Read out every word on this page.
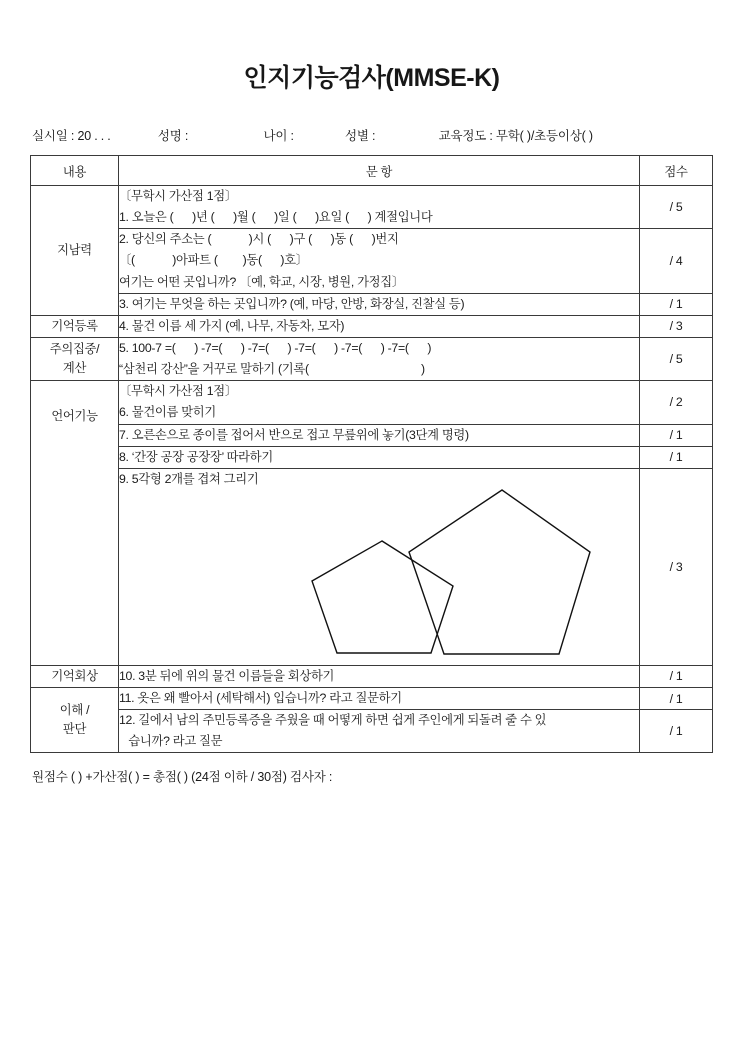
인지기능검사(MMSE-K)
실시일 : 20 . . .	성명 :	나이 :	성별 :	교육정도 : 무학( )/초등이상( )
내용	문 항	점수

지남력	〔무학시 가산점 1점〕
1. 오늘은 (      )년 (      )월 (      )일 (      )요일 (      ) 계절입니다	/ 5

	2. 당신의 주소는 (            )시 (      )구 (      )동 (      )번지
〔(            )아파트 (        )동(      )호〕
여기는 어떤 곳입니까? 〔예, 학교, 시장, 병원, 가정집〕	/ 4

	3. 여기는 무엇을 하는 곳입니까? (예, 마당, 안방, 화장실, 진찰실 등)	/ 1

기억등록	4. 물건 이름 세 가지 (예, 나무, 자동차, 모자)	/ 3

주의집중/
계산	5. 100-7 =(      ) -7=(      ) -7=(      ) -7=(      ) -7=(      ) -7=(      )
“삼천리 강산”을 거꾸로 말하기 (기록(                                    )	/ 5

언어기능	〔무학시 가산점 1점〕
6. 물건이름 맞히기	/ 2

	7. 오른손으로 종이를 접어서 반으로 접고 무릎위에 놓기(3단계 명령)	/ 1

	8. ‘간장 공장 공장장’ 따라하기	/ 1

	9. 5각형 2개를 겹쳐 그리기	/ 3

기억회상	10. 3분 뒤에 위의 물건 이름들을 회상하기	/ 1

이해 /
판단	11. 옷은 왜 빨아서 (세탁해서) 입습니까? 라고 질문하기	/ 1

	12. 길에서 남의 주민등록증을 주웠을 때 어떻게 하면 쉽게 주인에게 되돌려 줄 수 있
습니까? 라고 질문	/ 1
원점수 ( ) +가산점( ) = 총점( ) (24점 이하 / 30점) 검사자 :
